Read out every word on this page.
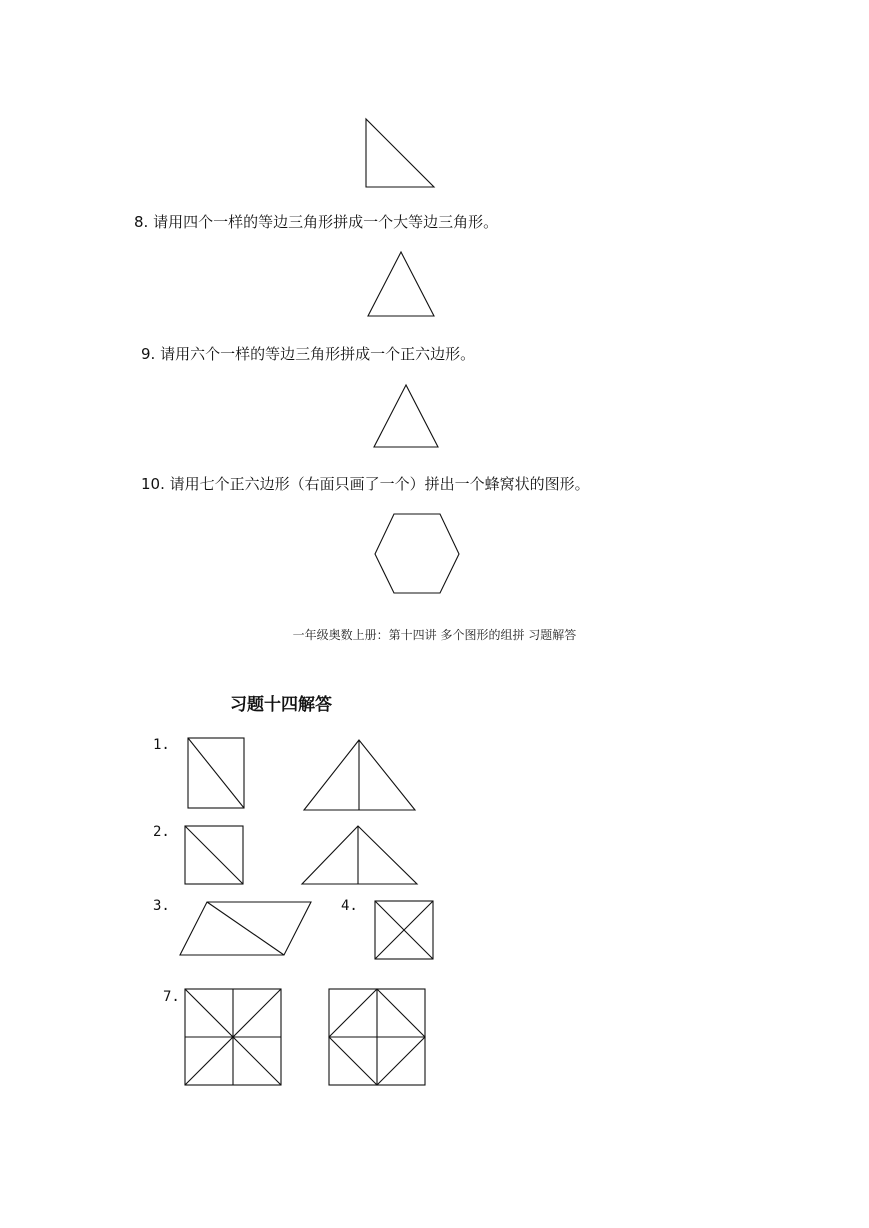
8. 请用四个一样的等边三角形拼成一个大等边三角形。
9. 请用六个一样的等边三角形拼成一个正六边形。
10. 请用七个正六边形（右面只画了一个）拼出一个蜂窝状的图形。
一年级奥数上册：第十四讲 多个图形的组拼 习题解答
习题十四解答
1.
2.
3.	4.
7.
